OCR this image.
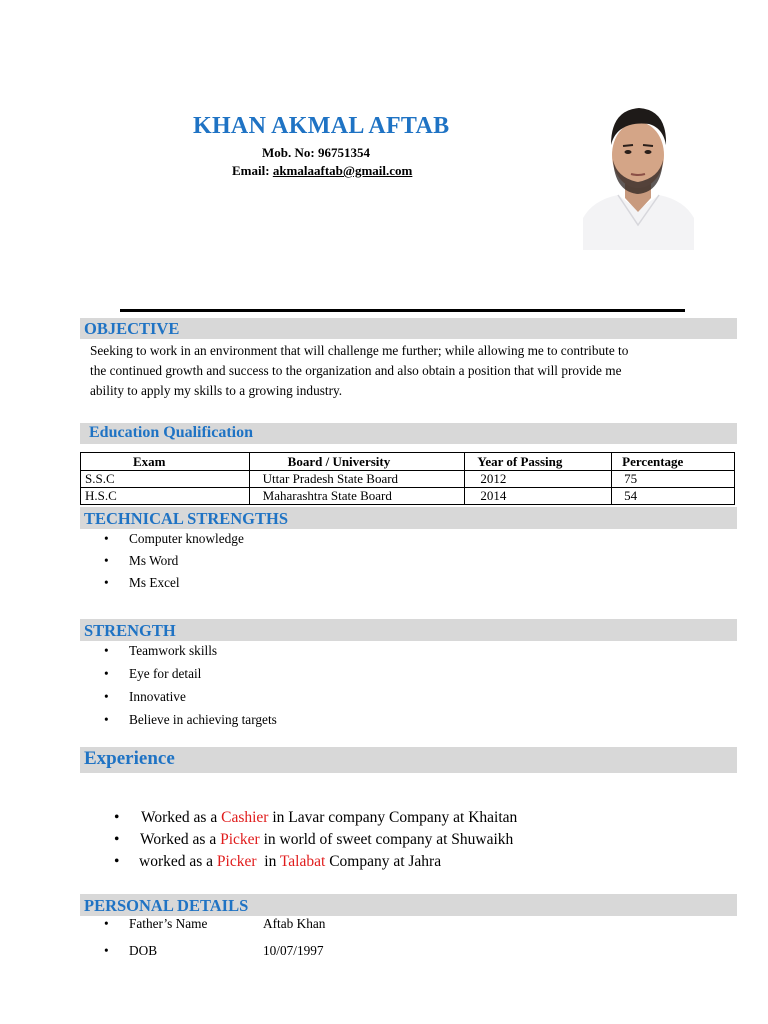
KHAN AKMAL AFTAB
Mob. No: 96751354
Email: akmalaaftab@gmail.com
OBJECTIVE
Seeking to work in an environment that will challenge me further; while allowing me to contribute to
the continued growth and success to the organization and also obtain a position that will provide me
ability to apply my skills to a growing industry.
Education Qualification
Exam	Board / University	Year of Passing	Percentage
S.S.C	Uttar Pradesh State Board	2012	75
H.S.C	Maharashtra State Board	2014	54
TECHNICAL STRENGTHS
• Computer knowledge
• Ms Word
• Ms Excel
STRENGTH
• Teamwork skills
• Eye for detail
• Innovative
• Believe in achieving targets
Experience
• Worked as a Cashier in Lavar company Company at Khaitan
• Worked as a Picker in world of sweet company at Shuwaikh
• worked as a Picker  in Talabat Company at Jahra
PERSONAL DETAILS
• Father’s Name	Aftab Khan
• DOB	10/07/1997
